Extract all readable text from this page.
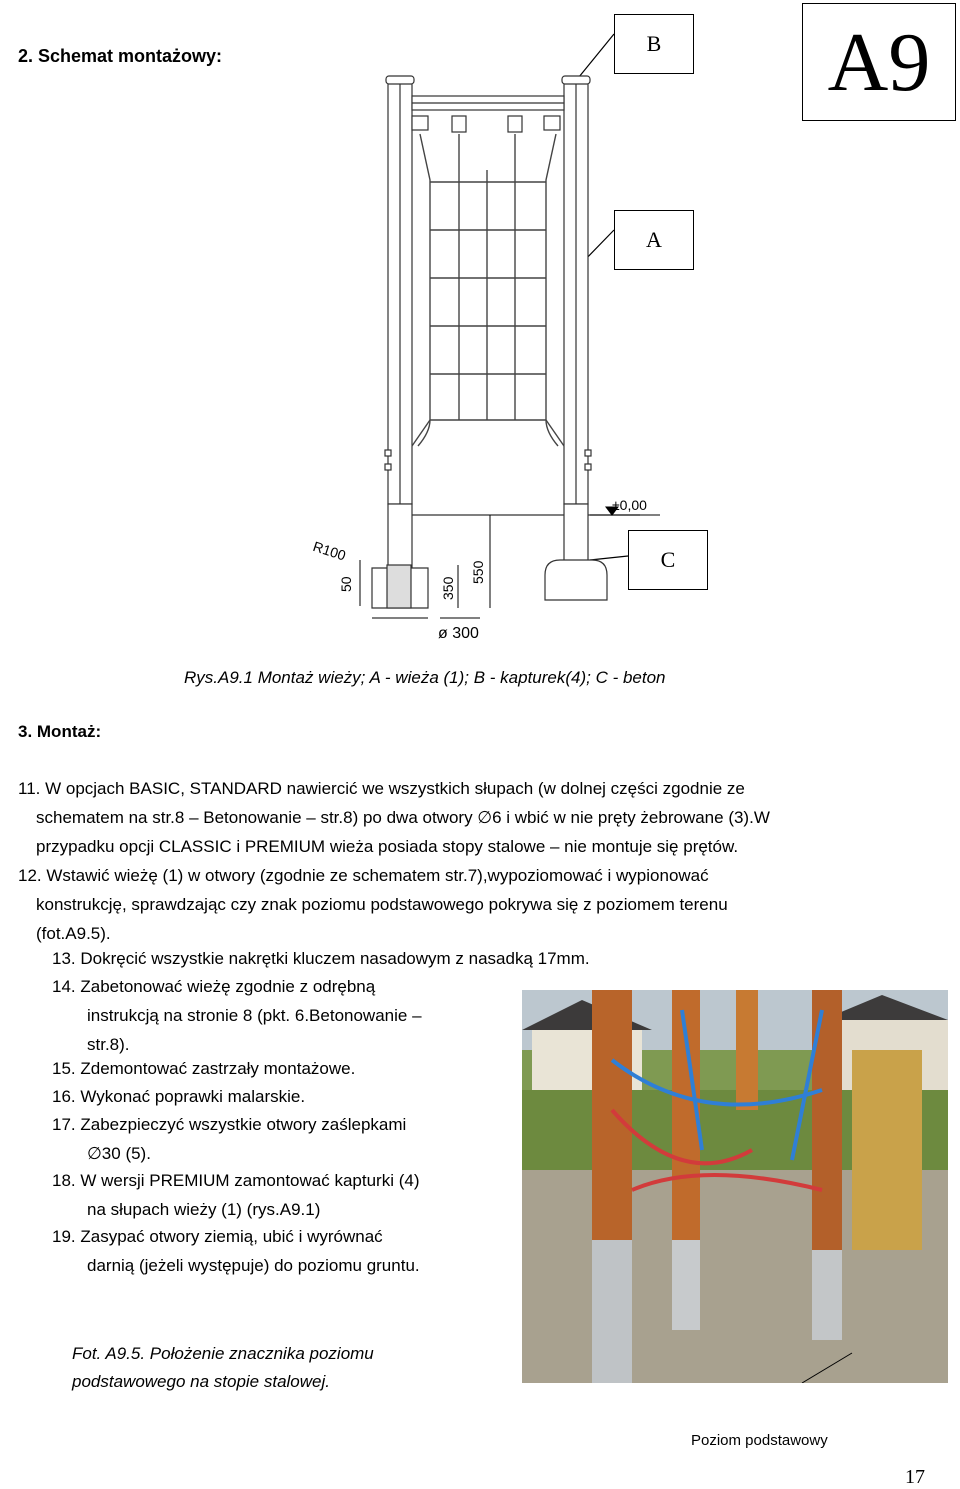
2. Schemat montażowy:	A9
B
A
C
±0,00
R100
50	350
550
ø 300
Rys.A9.1 Montaż wieży; A - wieża (1); B - kapturek(4); C - beton
3. Montaż:
11. W opcjach BASIC, STANDARD nawiercić we wszystkich słupach (w dolnej części zgodnie ze
schematem na str.8 – Betonowanie – str.8) po dwa otwory ∅6 i wbić w nie pręty żebrowane (3).W
przypadku opcji CLASSIC i PREMIUM wieża posiada stopy stalowe – nie montuje się prętów.
12. Wstawić wieżę (1) w otwory (zgodnie ze schematem str.7),wypoziomować i wypionować
konstrukcję, sprawdzając czy znak poziomu podstawowego pokrywa się z poziomem terenu
(fot.A9.5).
13. Dokręcić wszystkie nakrętki kluczem nasadowym z nasadką 17mm.
14. Zabetonować wieżę zgodnie z odrębną
instrukcją na stronie 8 (pkt. 6.Betonowanie –
str.8).
15. Zdemontować zastrzały montażowe.
16. Wykonać poprawki malarskie.
17. Zabezpieczyć wszystkie otwory zaślepkami
∅30 (5).
18. W wersji PREMIUM zamontować kapturki (4)
na słupach wieży (1) (rys.A9.1)
19. Zasypać otwory ziemią, ubić i wyrównać
darnią (jeżeli występuje) do poziomu gruntu.
Fot. A9.5. Położenie znacznika poziomu
podstawowego na stopie stalowej.
Poziom podstawowy
17
